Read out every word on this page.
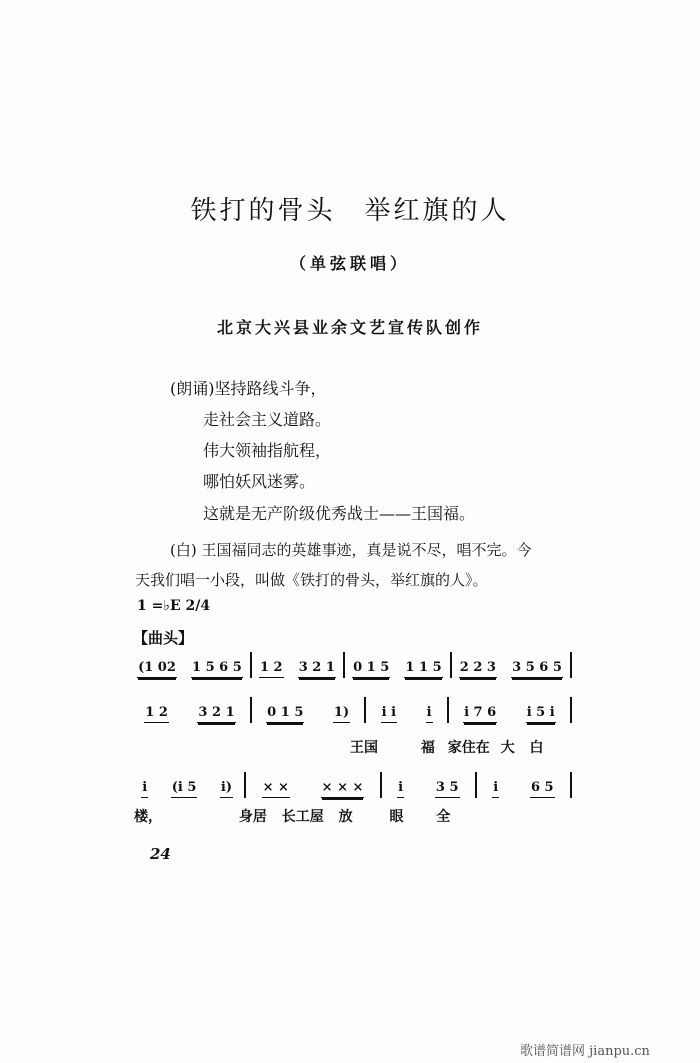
铁打的骨头　举红旗的人
（单弦联唱）
北京大兴县业余文艺宣传队创作
(朗诵)坚持路线斗争，
走社会主义道路。
伟大领袖指航程，
哪怕妖风迷雾。
这就是无产阶级优秀战士——王国福。
(白) 王国福同志的英雄事迹，真是说不尽，唱不完。今
天我们唱一小段，叫做《铁打的骨头，举红旗的人》。
1 =♭E 2/4
【曲头】
(1 02 1 5 6 5 1 2 3 2 1 0 1 5 1 1 5 2 2 3 3 5 6 5
1 2 3 2 1	0 1 5 1)	i i i	i 7 6 i 5 i
i (i 5 i) × ×	× × ×	i	3 5	i	6 5
王国	福 家住在 大 白
楼，	身居 长工屋 放	眼 全
24
歌谱简谱网 jianpu.cn
